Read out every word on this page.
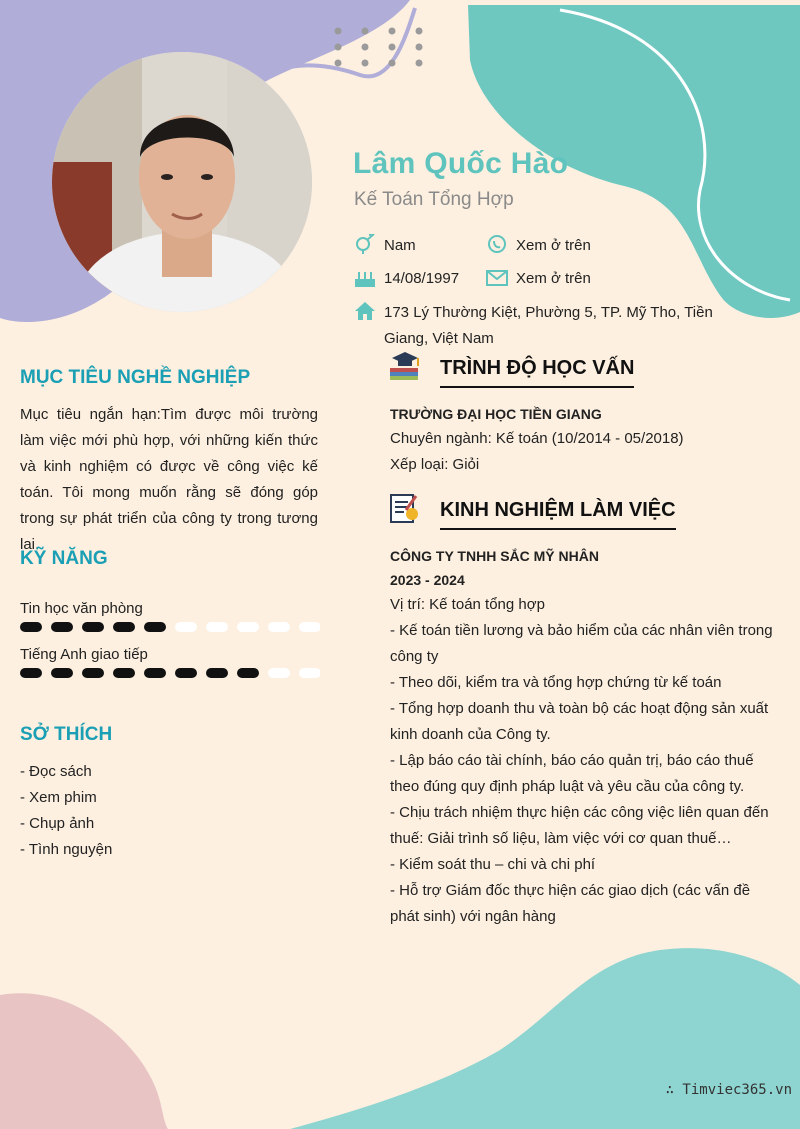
Lâm Quốc Hào
Kế Toán Tổng Hợp
Nam	Xem ở trên
14/08/1997	Xem ở trên
173 Lý Thường Kiệt, Phường 5, TP. Mỹ Tho, Tiền
Giang, Việt Nam
MỤC TIÊU NGHỀ NGHIỆP
Mục tiêu ngắn hạn:Tìm được môi trường làm việc mới phù hợp, với những kiến thức và kinh nghiệm có được về công việc kế toán. Tôi mong muốn rằng sẽ đóng góp trong sự phát triển của công ty trong tương lai.
KỸ NĂNG
Tin học văn phòng
Tiếng Anh giao tiếp
SỞ THÍCH
- Đọc sách
- Xem phim
- Chụp ảnh
- Tình nguyện
TRÌNH ĐỘ HỌC VẤN
TRƯỜNG ĐẠI HỌC TIỀN GIANG
Chuyên ngành: Kế toán (10/2014 - 05/2018)
Xếp loại: Giỏi
KINH NGHIỆM LÀM VIỆC
CÔNG TY TNHH SẮC MỸ NHÂN
2023 - 2024
Vị trí: Kế toán tổng hợp
- Kế toán tiền lương và bảo hiểm của các nhân viên trong công ty
- Theo dõi, kiểm tra và tổng hợp chứng từ kế toán
- Tổng hợp doanh thu và toàn bộ các hoạt động sản xuất kinh doanh của Công ty.
- Lập báo cáo tài chính, báo cáo quản trị, báo cáo thuế theo đúng quy định pháp luật và yêu cầu của công ty.
- Chịu trách nhiệm thực hiện các công việc liên quan đến thuế: Giải trình số liệu, làm việc với cơ quan thuế…
- Kiểm soát thu – chi và chi phí
- Hỗ trợ Giám đốc thực hiện các giao dịch (các vấn đề phát sinh) với ngân hàng
∴ Timviec365.vn
